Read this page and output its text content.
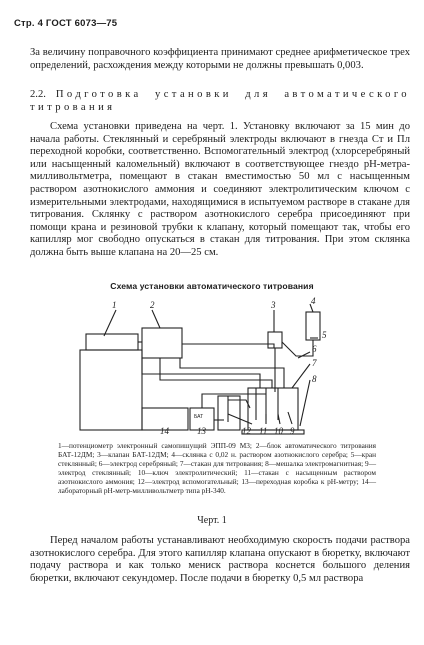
Стр. 4 ГОСТ 6073—75
За величину поправочного коэффициента принимают среднее арифметическое трех определений, расхождения между которыми не должны превышать 0,003.
2.2. Подготовка установки для автоматического титрования
Схема установки приведена на черт. 1. Установку включают за 15 мин до начала работы. Стеклянный и серебряный электроды включают в гнезда Ст и Пл переходной коробки, соответственно. Вспомогательный электрод (хлорсеребряный или насыщенный каломельный) включают в соответствующее гнездо pH-метра-милливольтметра, помещают в стакан вместимостью 50 мл с насыщенным раствором азотнокислого аммония и соединяют электролитическим ключом с измерительными электродами, находящимися в испытуемом растворе в стакане для титрования. Склянку с раствором азотнокислого серебра присоединяют при помощи крана и резиновой трубки к клапану, который помещают так, чтобы его капилляр мог свободно опускаться в стакан для титрования. При этом склянка должна быть выше клапана на 20—25 см.
Схема установки автоматического титрования
1	2	3	4
5
6
7
8
9
10
11
12
13
14
БАТ
1—потенциометр электронный самопишущий ЭПП-09 М3; 2—блок автоматического титрования БАТ-12ДМ; 3—клапан БАТ-12ДМ; 4—склянка с 0,02 н. раствором азотнокислого серебра; 5—кран стеклянный; 6—электрод серебряный; 7—стакан для титрования; 8—мешалка электромагнитная; 9—электрод стеклянный; 10—ключ электролитический; 11—стакан с насыщенным раствором азотнокислого аммония; 12—электрод вспомогательный; 13—переходная коробка к pH-метру; 14—лабораторный pH-метр-милливольтметр типа pH-340.
Черт. 1
Перед началом работы устанавливают необходимую скорость подачи раствора азотнокислого серебра. Для этого капилляр клапана опускают в бюретку, включают подачу раствора и как только мениск раствора коснется большого деления бюретки, включают секундомер. После подачи в бюретку 0,5 мл раствора
